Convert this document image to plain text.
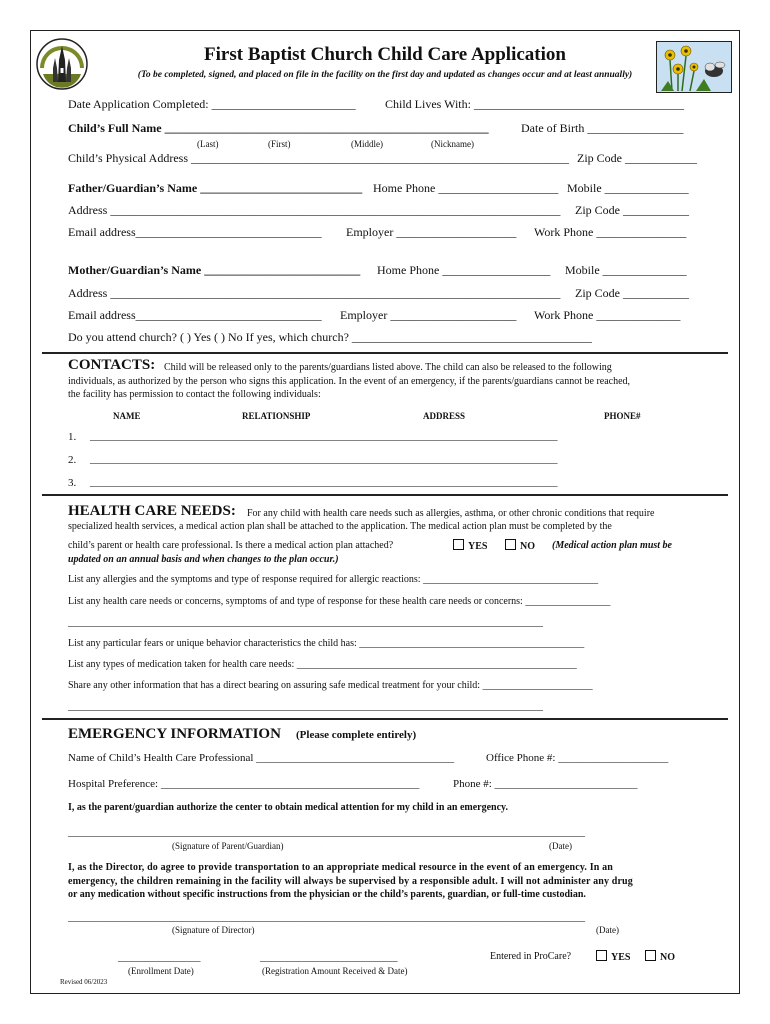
First Baptist Church Child Care Application
(To be completed, signed, and placed on file in the facility on the first day and updated as changes occur and at least annually)
Date Application Completed: ________________________ Child Lives With: ___________________________________
Child’s Full Name ______________________________________________________	Date of Birth ________________
(Last)	(First)	(Middle)	(Nickname)
Child’s Physical Address _______________________________________________________________ Zip Code ____________
Father/Guardian’s Name ___________________________ Home Phone ____________________ Mobile ______________
Address ___________________________________________________________________________ Zip Code ___________
Email address_______________________________ Employer ____________________ Work Phone _______________
Mother/Guardian’s Name __________________________ Home Phone __________________ Mobile ______________
Address ___________________________________________________________________________ Zip Code ___________
Email address_______________________________ Employer _____________________ Work Phone ______________
Do you attend church? ( ) Yes ( ) No If yes, which church? ________________________________________
CONTACTS: Child will be released only to the parents/guardians listed above. The child can also be released to the following
individuals, as authorized by the person who signs this application. In the event of an emergency, if the parents/guardians cannot be reached,
the facility has permission to contact the following individuals:
NAME	RELATIONSHIP	ADDRESS	PHONE#
1. _____________________________________________________________________________________
2. _____________________________________________________________________________________
3. _____________________________________________________________________________________
HEALTH CARE NEEDS: For any child with health care needs such as allergies, asthma, or other chronic conditions that require
specialized health services, a medical action plan shall be attached to the application. The medical action plan must be completed by the
child’s parent or health care professional. Is there a medical action plan attached?	YES	NO (Medical action plan must be
updated on an annual basis and when changes to the plan occur.)
List any allergies and the symptoms and type of response required for allergic reactions: ___________________________________
List any health care needs or concerns, symptoms of and type of response for these health care needs or concerns: _________________
_______________________________________________________________________________________________
List any particular fears or unique behavior characteristics the child has: _____________________________________________
List any types of medication taken for health care needs: ________________________________________________________
Share any other information that has a direct bearing on assuring safe medical treatment for your child: ______________________
_______________________________________________________________________________________________
EMERGENCY INFORMATION (Please complete entirely)
Name of Child’s Health Care Professional ____________________________________	Office Phone #: ____________________
Hospital Preference: _______________________________________________	Phone #: __________________________
I, as the parent/guardian authorize the center to obtain medical attention for my child in an emergency.
______________________________________________________________________________________________
(Signature of Parent/Guardian)	(Date)
I, as the Director, do agree to provide transportation to an appropriate medical resource in the event of an emergency. In an
emergency, the children remaining in the facility will always be supervised by a responsible adult. I will not administer any drug
or any medication without specific instructions from the physician or the child’s parents, guardian, or full-time custodian.
______________________________________________________________________________________________
(Signature of Director)	(Date)
_______________	_________________________
(Enrollment Date)	(Registration Amount Received & Date)
Entered in ProCare?	YES	NO
Revised 06/2023
